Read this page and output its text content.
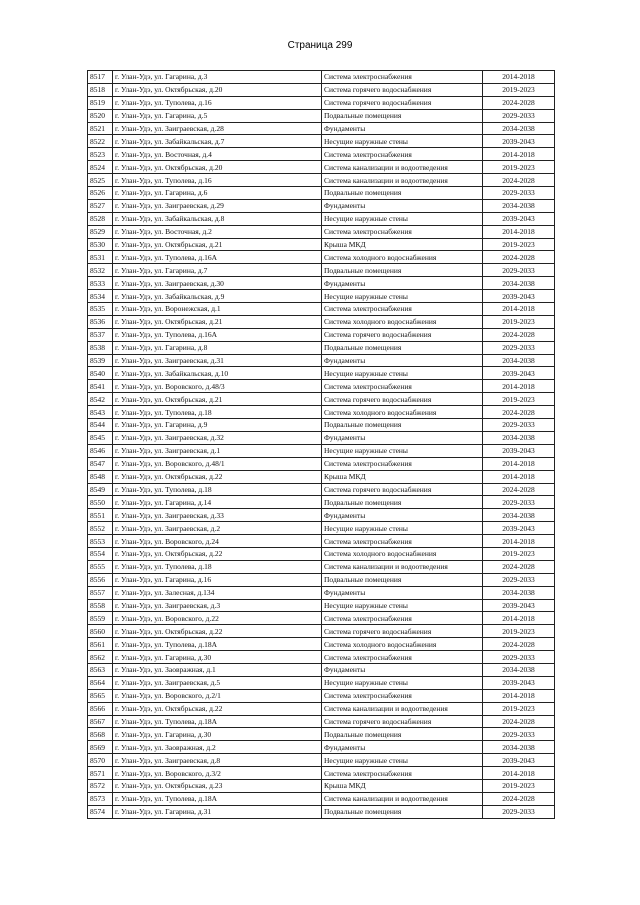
Страница 299
8517	г. Улан-Удэ, ул. Гагарина, д.3	Система электроснабжения	2014-2018
8518	г. Улан-Удэ, ул. Октябрьская, д.20	Система горячего водоснабжения	2019-2023
8519	г. Улан-Удэ, ул. Туполева, д.16	Система горячего водоснабжения	2024-2028
8520	г. Улан-Удэ, ул. Гагарина, д.5	Подвальные помещения	2029-2033
8521	г. Улан-Удэ, ул. Заиграевская, д.28	Фундаменты	2034-2038
8522	г. Улан-Удэ, ул. Забайкальская, д.7	Несущие наружные стены	2039-2043
8523	г. Улан-Удэ, ул. Восточная, д.4	Система электроснабжения	2014-2018
8524	г. Улан-Удэ, ул. Октябрьская, д.20	Система канализации и водоотведения	2019-2023
8525	г. Улан-Удэ, ул. Туполева, д.16	Система канализации и водоотведения	2024-2028
8526	г. Улан-Удэ, ул. Гагарина, д.6	Подвальные помещения	2029-2033
8527	г. Улан-Удэ, ул. Заиграевская, д.29	Фундаменты	2034-2038
8528	г. Улан-Удэ, ул. Забайкальская, д.8	Несущие наружные стены	2039-2043
8529	г. Улан-Удэ, ул. Восточная, д.2	Система электроснабжения	2014-2018
8530	г. Улан-Удэ, ул. Октябрьская, д.21	Крыша МКД	2019-2023
8531	г. Улан-Удэ, ул. Туполева, д.16А	Система холодного водоснабжения	2024-2028
8532	г. Улан-Удэ, ул. Гагарина, д.7	Подвальные помещения	2029-2033
8533	г. Улан-Удэ, ул. Заиграевская, д.30	Фундаменты	2034-2038
8534	г. Улан-Удэ, ул. Забайкальская, д.9	Несущие наружные стены	2039-2043
8535	г. Улан-Удэ, ул. Воронежская, д.1	Система электроснабжения	2014-2018
8536	г. Улан-Удэ, ул. Октябрьская, д.21	Система холодного водоснабжения	2019-2023
8537	г. Улан-Удэ, ул. Туполева, д.16А	Система горячего водоснабжения	2024-2028
8538	г. Улан-Удэ, ул. Гагарина, д.8	Подвальные помещения	2029-2033
8539	г. Улан-Удэ, ул. Заиграевская, д.31	Фундаменты	2034-2038
8540	г. Улан-Удэ, ул. Забайкальская, д.10	Несущие наружные стены	2039-2043
8541	г. Улан-Удэ, ул. Воровского, д.48/3	Система электроснабжения	2014-2018
8542	г. Улан-Удэ, ул. Октябрьская, д.21	Система горячего водоснабжения	2019-2023
8543	г. Улан-Удэ, ул. Туполева, д.18	Система холодного водоснабжения	2024-2028
8544	г. Улан-Удэ, ул. Гагарина, д.9	Подвальные помещения	2029-2033
8545	г. Улан-Удэ, ул. Заиграевская, д.32	Фундаменты	2034-2038
8546	г. Улан-Удэ, ул. Заиграевская, д.1	Несущие наружные стены	2039-2043
8547	г. Улан-Удэ, ул. Воровского, д.48/1	Система электроснабжения	2014-2018
8548	г. Улан-Удэ, ул. Октябрьская, д.22	Крыша МКД	2014-2018
8549	г. Улан-Удэ, ул. Туполева, д.18	Система горячего водоснабжения	2024-2028
8550	г. Улан-Удэ, ул. Гагарина, д.14	Подвальные помещения	2029-2033
8551	г. Улан-Удэ, ул. Заиграевская, д.33	Фундаменты	2034-2038
8552	г. Улан-Удэ, ул. Заиграевская, д.2	Несущие наружные стены	2039-2043
8553	г. Улан-Удэ, ул. Воровского, д.24	Система электроснабжения	2014-2018
8554	г. Улан-Удэ, ул. Октябрьская, д.22	Система холодного водоснабжения	2019-2023
8555	г. Улан-Удэ, ул. Туполева, д.18	Система канализации и водоотведения	2024-2028
8556	г. Улан-Удэ, ул. Гагарина, д.16	Подвальные помещения	2029-2033
8557	г. Улан-Удэ, ул. Залесная, д.134	Фундаменты	2034-2038
8558	г. Улан-Удэ, ул. Заиграевская, д.3	Несущие наружные стены	2039-2043
8559	г. Улан-Удэ, ул. Воровского, д.22	Система электроснабжения	2014-2018
8560	г. Улан-Удэ, ул. Октябрьская, д.22	Система горячего водоснабжения	2019-2023
8561	г. Улан-Удэ, ул. Туполева, д.18А	Система холодного водоснабжения	2024-2028
8562	г. Улан-Удэ, ул. Гагарина, д.30	Система электроснабжения	2029-2033
8563	г. Улан-Удэ, ул. Заовражная, д.1	Фундаменты	2034-2038
8564	г. Улан-Удэ, ул. Заиграевская, д.5	Несущие наружные стены	2039-2043
8565	г. Улан-Удэ, ул. Воровского, д.2/1	Система электроснабжения	2014-2018
8566	г. Улан-Удэ, ул. Октябрьская, д.22	Система канализации и водоотведения	2019-2023
8567	г. Улан-Удэ, ул. Туполева, д.18А	Система горячего водоснабжения	2024-2028
8568	г. Улан-Удэ, ул. Гагарина, д.30	Подвальные помещения	2029-2033
8569	г. Улан-Удэ, ул. Заовражная, д.2	Фундаменты	2034-2038
8570	г. Улан-Удэ, ул. Заиграевская, д.8	Несущие наружные стены	2039-2043
8571	г. Улан-Удэ, ул. Воровского, д.3/2	Система электроснабжения	2014-2018
8572	г. Улан-Удэ, ул. Октябрьская, д.23	Крыша МКД	2019-2023
8573	г. Улан-Удэ, ул. Туполева, д.18А	Система канализации и водоотведения	2024-2028
8574	г. Улан-Удэ, ул. Гагарина, д.31	Подвальные помещения	2029-2033
